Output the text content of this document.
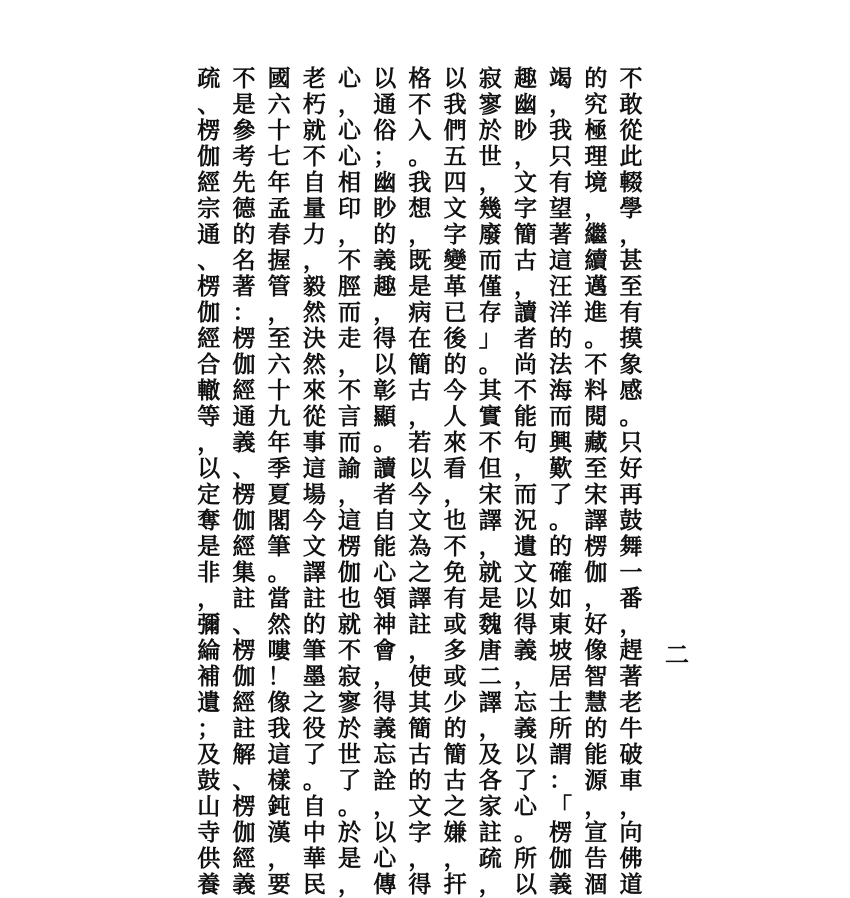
不
敢
從
此
輟
學
，
甚
至
有
摸
象
感
。
只
好
再
鼓
舞
一
番
，
趕
著
老
牛
破
車
，
向
佛
道
的
究
極
理
境
，
繼
續
邁
進
。
不
料
閱
藏
至
宋
譯
楞
伽
，
好
像
智
慧
的
能
源
，
宣
告
涸
竭
，
我
只
有
望
著
這
汪
洋
的
法
海
而
興
歎
了
。
的
確
如
東
坡
居
士
所
謂
：
「
楞
伽
義
趣
幽
眇
，
文
字
簡
古
，
讀
者
尚
不
能
句
，
而
況
遺
文
以
得
義
，
忘
義
以
了
心
。
所
以
寂
寥
於
世
，
幾
廢
而
僅
存
」
。
其
實
不
但
宋
譯
，
就
是
魏
唐
二
譯
，
及
各
家
註
疏
，
以
我
們
五
四
文
字
變
革
已
後
的
今
人
來
看
，
也
不
免
有
或
多
或
少
的
簡
古
之
嫌
，
扞
格
不
入
。
我
想
，
既
是
病
在
簡
古
，
若
以
今
文
為
之
譯
註
，
使
其
簡
古
的
文
字
，
得
以
通
俗
；
幽
眇
的
義
趣
，
得
以
彰
顯
。
讀
者
自
能
心
領
神
會
，
得
義
忘
詮
，
以
心
傳
心
，
心
心
相
印
，
不
脛
而
走
，
不
言
而
諭
，
這
楞
伽
也
就
不
寂
寥
於
世
了
。
於
是
，
老
朽
就
不
自
量
力
，
毅
然
決
然
來
從
事
這
場
今
文
譯
註
的
筆
墨
之
役
了
。
自
中
華
民
國
六
十
七
年
孟
春
握
管
，
至
六
十
九
年
季
夏
閣
筆
。
當
然
嘍
！
像
我
這
樣
鈍
漢
，
要
不
是
參
考
先
德
的
名
著
：
楞
伽
經
通
義
、
楞
伽
經
集
註
、
楞
伽
經
註
解
、
楞
伽
經
義
疏
、
楞
伽
經
宗
通
、
楞
伽
經
合
轍
等
，
以
定
奪
是
非
，
彌
綸
補
遺
；
及
鼓
山
寺
供
養
二
